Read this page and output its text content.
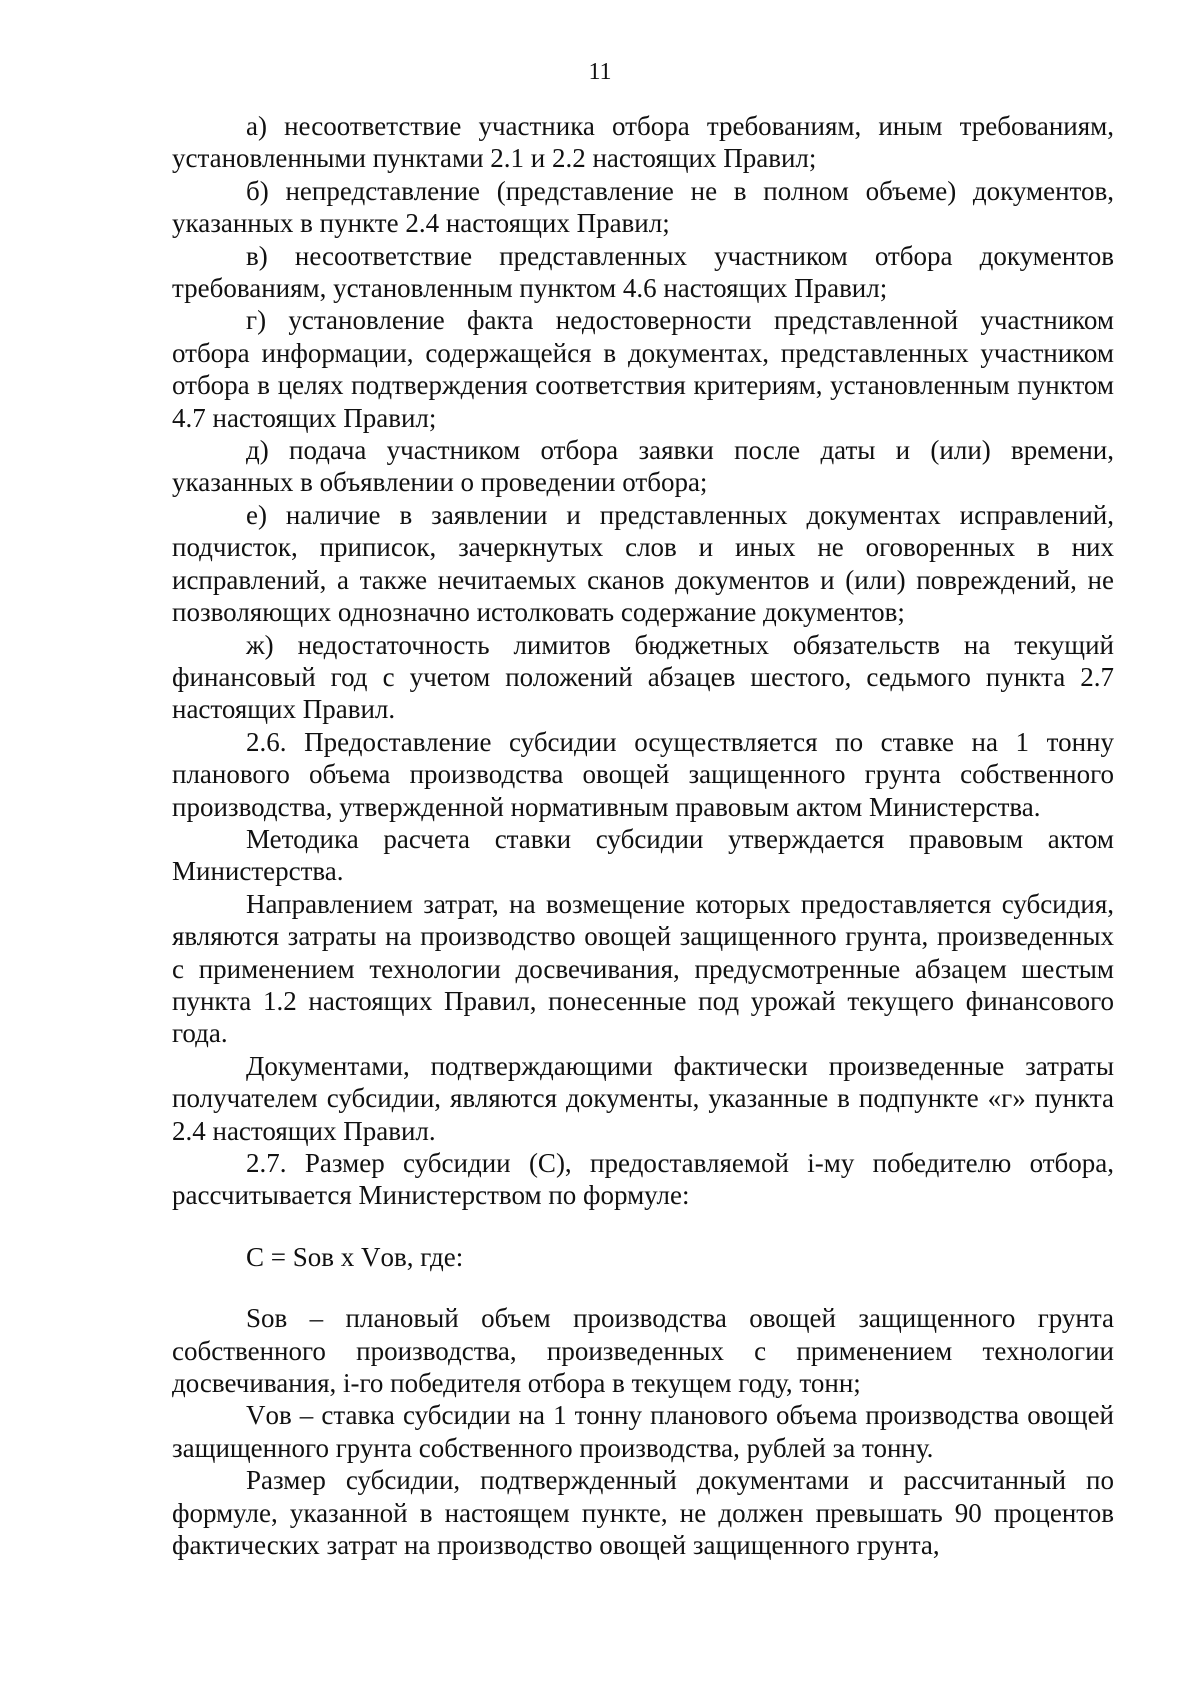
11

а) несоответствие участника отбора требованиям, иным требованиям, установленными пунктами 2.1 и 2.2 настоящих Правил;

б) непредставление (представление не в полном объеме) документов, указанных в пункте 2.4 настоящих Правил;

в) несоответствие представленных участником отбора документов требованиям, установленным пунктом 4.6 настоящих Правил;

г) установление факта недостоверности представленной участником отбора информации, содержащейся в документах, представленных участником отбора в целях подтверждения соответствия критериям, установленным пунктом 4.7 настоящих Правил;

д) подача участником отбора заявки после даты и (или) времени, указанных в объявлении о проведении отбора;

е) наличие в заявлении и представленных документах исправлений, подчисток, приписок, зачеркнутых слов и иных не оговоренных в них исправлений, а также нечитаемых сканов документов и (или) повреждений, не позволяющих однозначно истолковать содержание документов;

ж) недостаточность лимитов бюджетных обязательств на текущий финансовый год с учетом положений абзацев шестого, седьмого пункта 2.7 настоящих Правил.

2.6. Предоставление субсидии осуществляется по ставке на 1 тонну планового объема производства овощей защищенного грунта собственного производства, утвержденной нормативным правовым актом Министерства.

Методика расчета ставки субсидии утверждается правовым актом Министерства.

Направлением затрат, на возмещение которых предоставляется субсидия, являются затраты на производство овощей защищенного грунта, произведенных с применением технологии досвечивания, предусмотренные абзацем шестым пункта 1.2 настоящих Правил, понесенные под урожай текущего финансового года.

Документами, подтверждающими фактически произведенные затраты получателем субсидии, являются документы, указанные в подпункте «г» пункта 2.4 настоящих Правил.

2.7. Размер субсидии (С), предоставляемой i-му победителю отбора, рассчитывается Министерством по формуле:

С = Sов х Vов, где:

Sов – плановый объем производства овощей защищенного грунта собственного производства, произведенных с применением технологии досвечивания, i-го победителя отбора в текущем году, тонн;

Vов – ставка субсидии на 1 тонну планового объема производства овощей защищенного грунта собственного производства, рублей за тонну.

Размер субсидии, подтвержденный документами и рассчитанный по формуле, указанной в настоящем пункте, не должен превышать 90 процентов фактических затрат на производство овощей защищенного грунта,
